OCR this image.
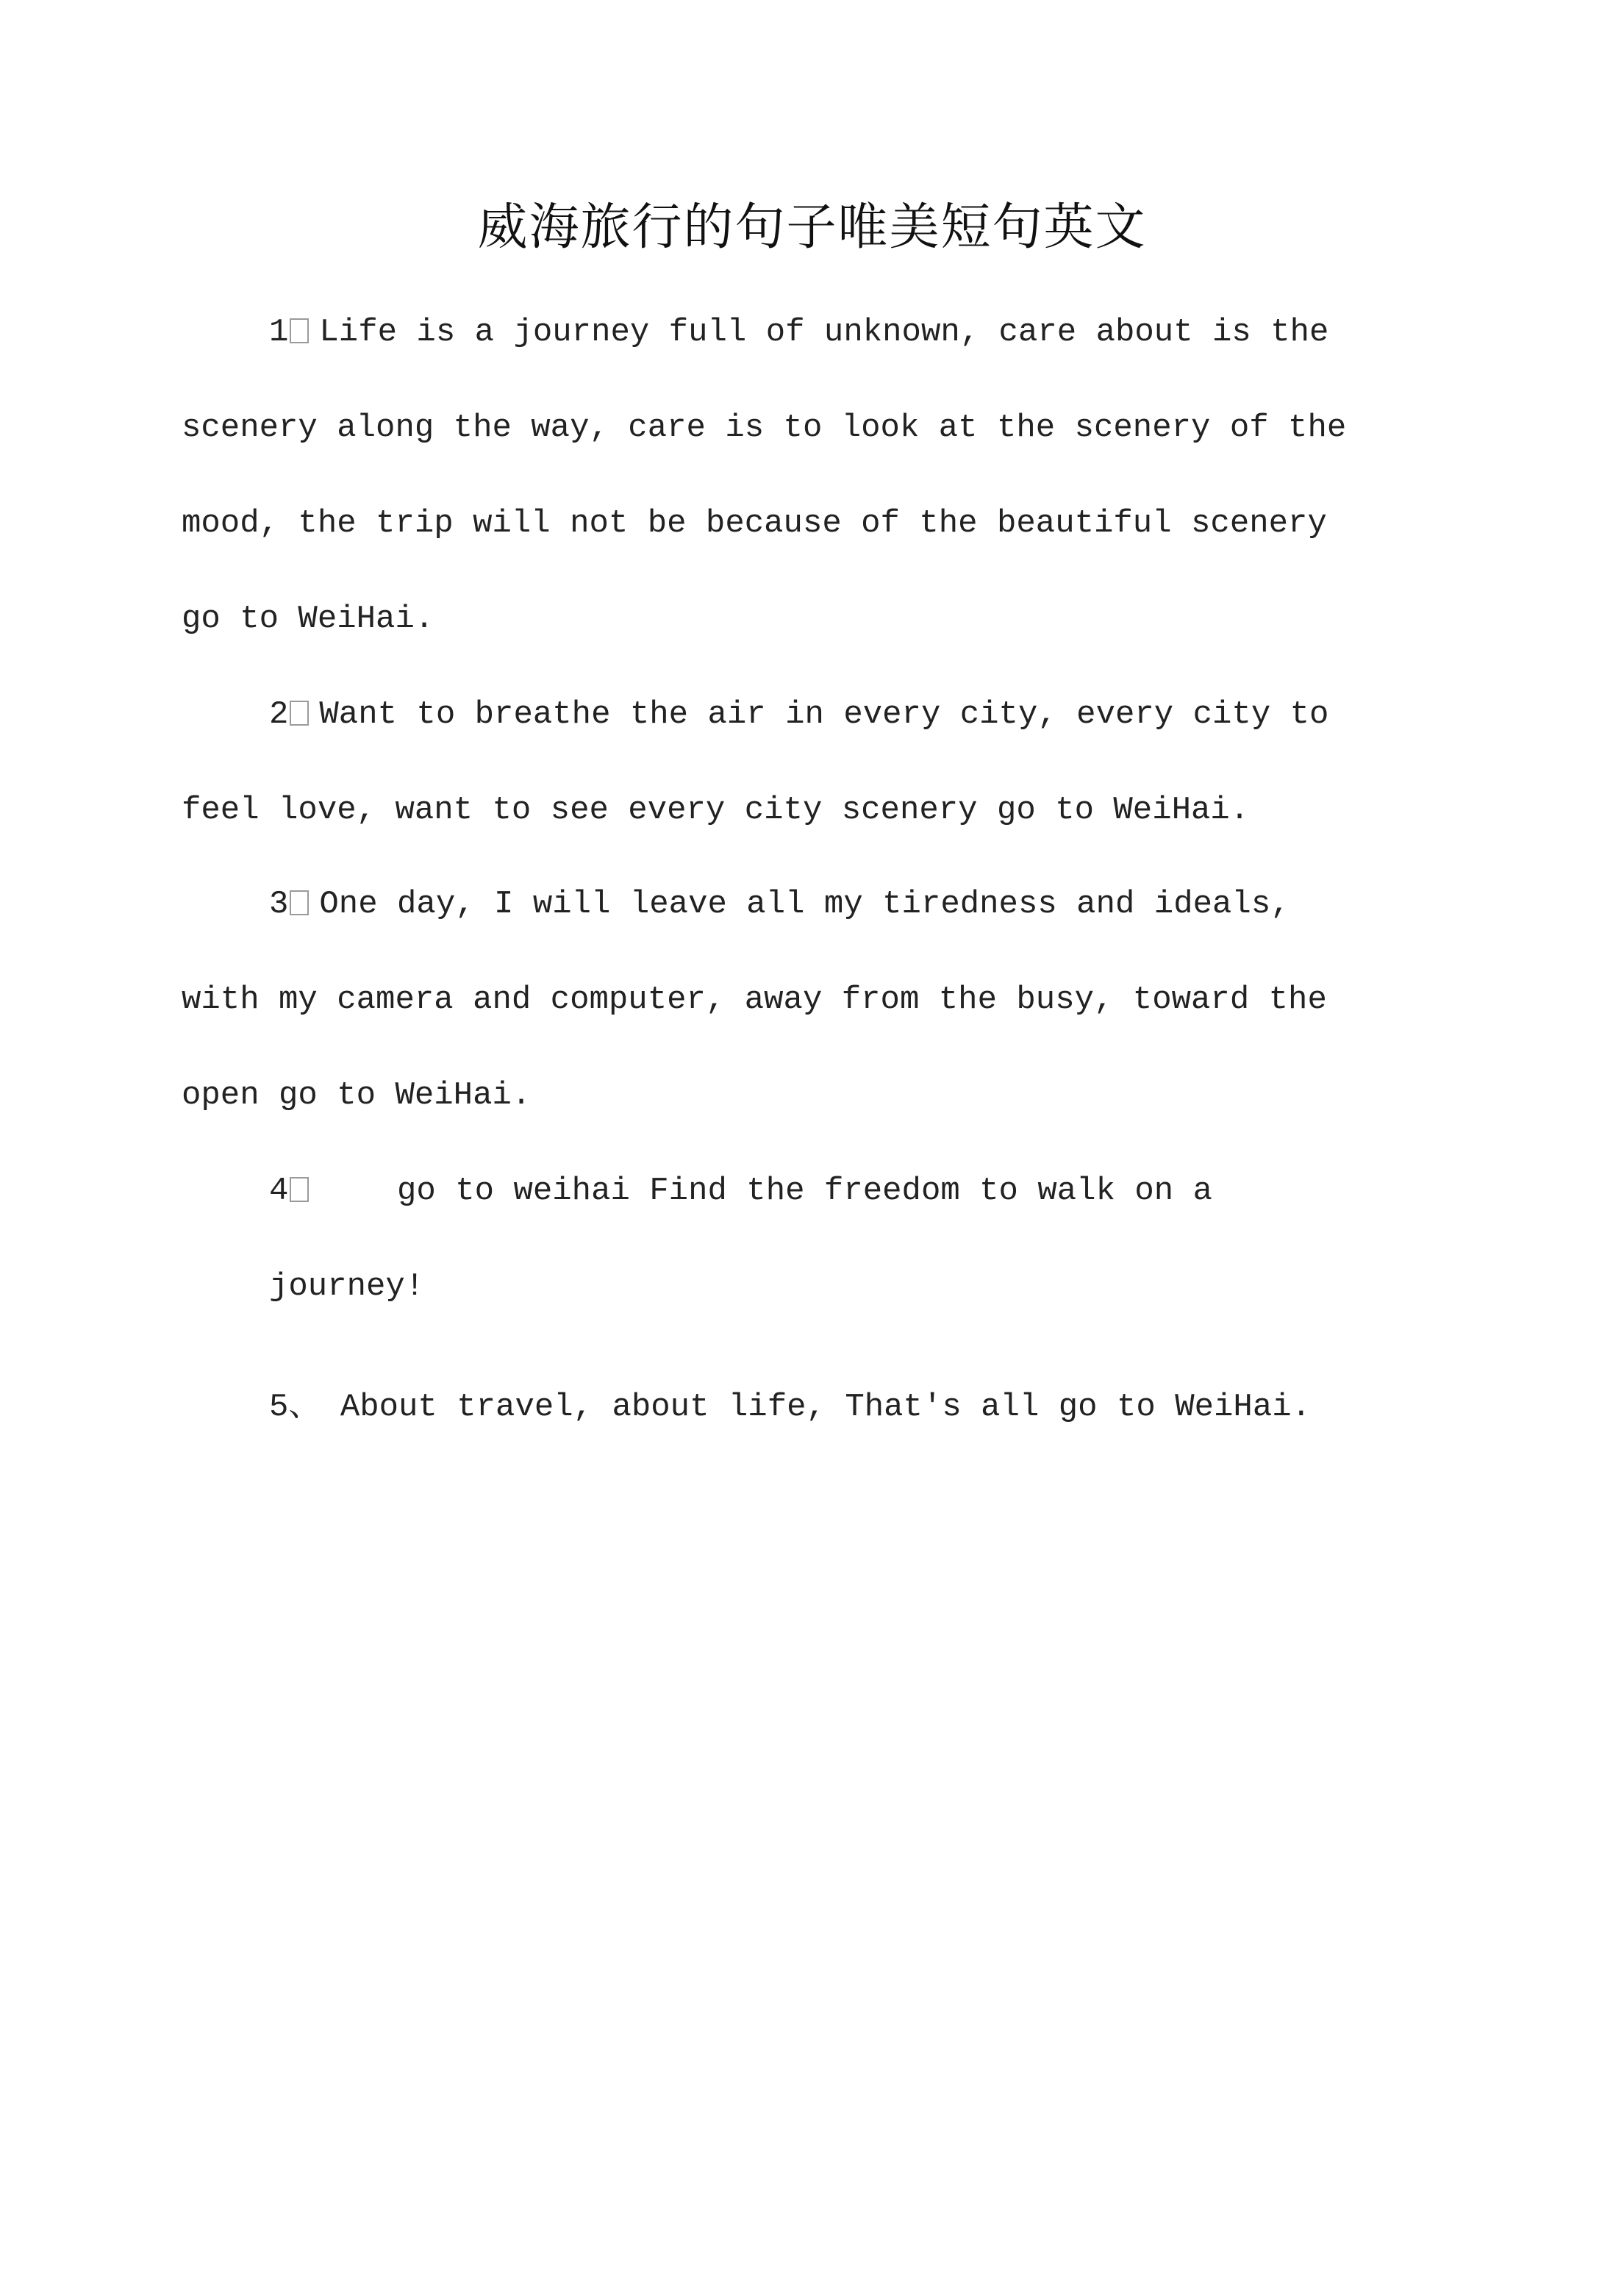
威海旅行的句子唯美短句英文
1 Life is a journey full of unknown, care about is the
scenery along the way, care is to look at the scenery of the
mood, the trip will not be because of the beautiful scenery
go to WeiHai.
2 Want to breathe the air in every city, every city to
feel love, want to see every city scenery go to WeiHai.
3 One day, I will leave all my tiredness and ideals,
with my camera and computer, away from the busy, toward the
open go to WeiHai.
4    go to weihai Find the freedom to walk on a
journey!
5、 About travel, about life, That's all go to WeiHai.
